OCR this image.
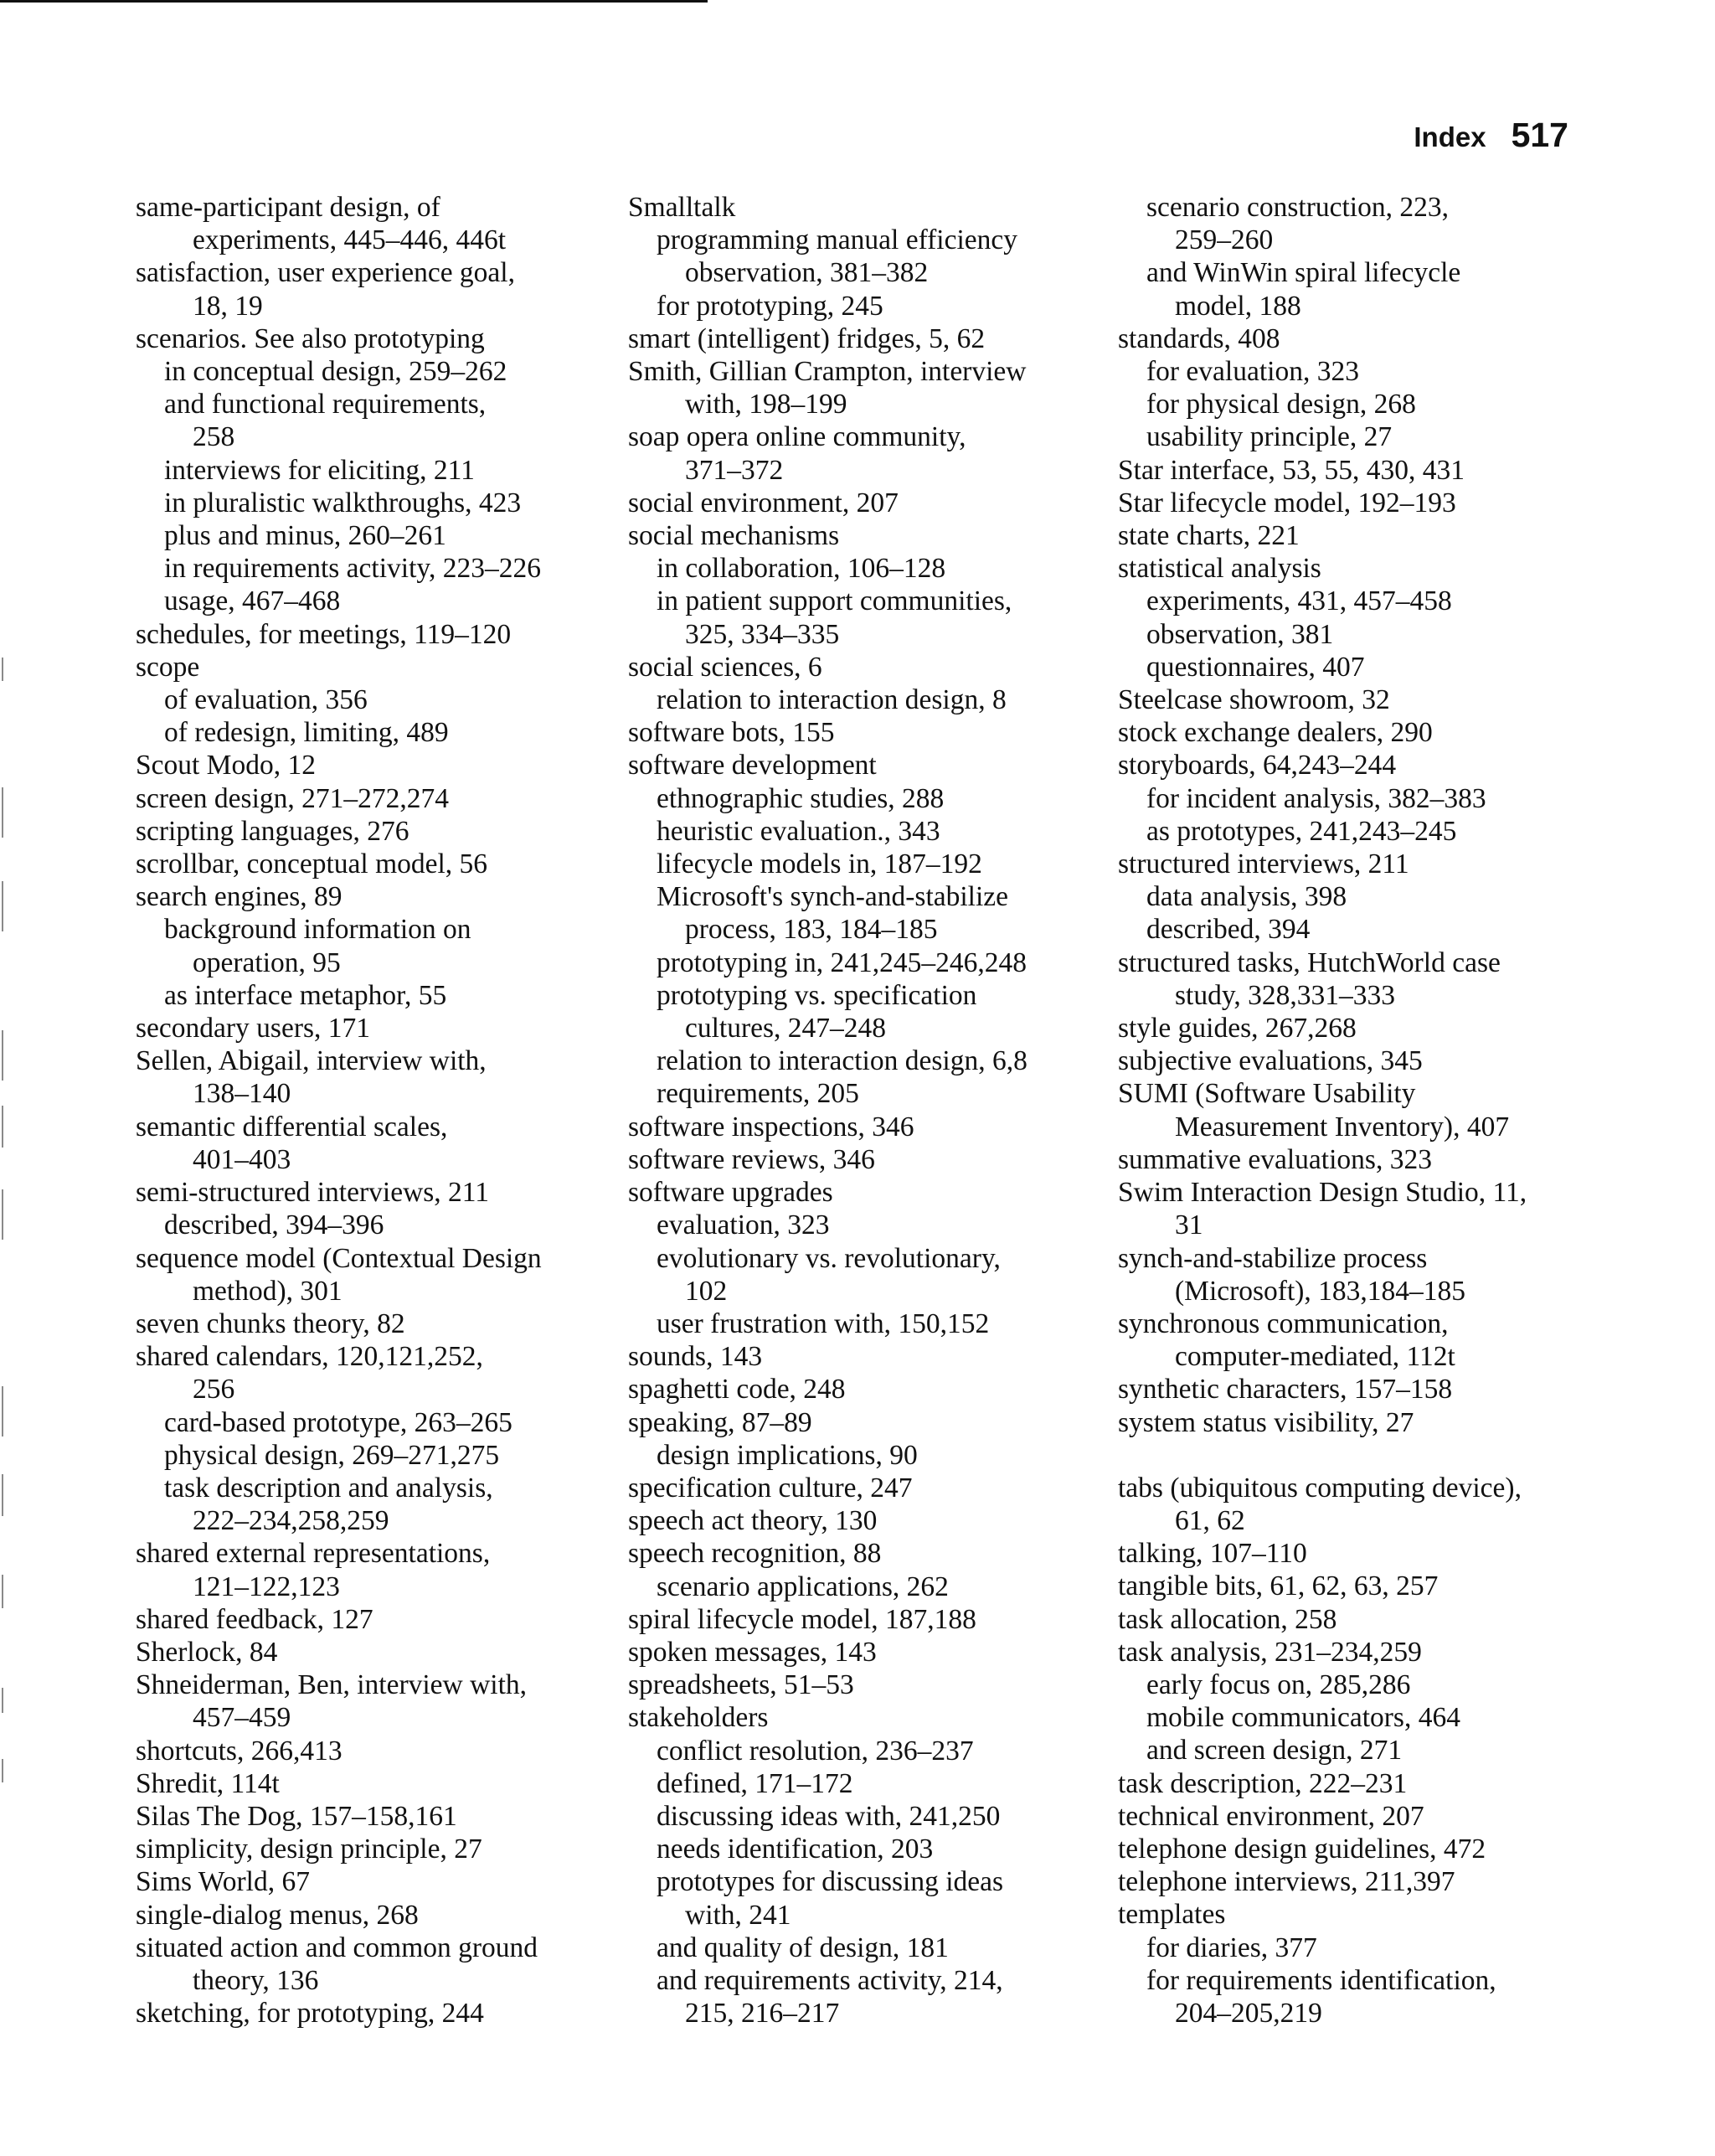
Index 517
same-participant design, of
experiments, 445–446, 446t
satisfaction, user experience goal,
18, 19
scenarios. See also prototyping
in conceptual design, 259–262
and functional requirements,
258
interviews for eliciting, 211
in pluralistic walkthroughs, 423
plus and minus, 260–261
in requirements activity, 223–226
usage, 467–468
schedules, for meetings, 119–120
scope
of evaluation, 356
of redesign, limiting, 489
Scout Modo, 12
screen design, 271–272,274
scripting languages, 276
scrollbar, conceptual model, 56
search engines, 89
background information on
operation, 95
as interface metaphor, 55
secondary users, 171
Sellen, Abigail, interview with,
138–140
semantic differential scales,
401–403
semi-structured interviews, 211
described, 394–396
sequence model (Contextual Design
method), 301
seven chunks theory, 82
shared calendars, 120,121,252,
256
card-based prototype, 263–265
physical design, 269–271,275
task description and analysis,
222–234,258,259
shared external representations,
121–122,123
shared feedback, 127
Sherlock, 84
Shneiderman, Ben, interview with,
457–459
shortcuts, 266,413
Shredit, 114t
Silas The Dog, 157–158,161
simplicity, design principle, 27
Sims World, 67
single-dialog menus, 268
situated action and common ground
theory, 136
sketching, for prototyping, 244
Smalltalk
programming manual efficiency
observation, 381–382
for prototyping, 245
smart (intelligent) fridges, 5, 62
Smith, Gillian Crampton, interview
with, 198–199
soap opera online community,
371–372
social environment, 207
social mechanisms
in collaboration, 106–128
in patient support communities,
325, 334–335
social sciences, 6
relation to interaction design, 8
software bots, 155
software development
ethnographic studies, 288
heuristic evaluation., 343
lifecycle models in, 187–192
Microsoft's synch-and-stabilize
process, 183, 184–185
prototyping in, 241,245–246,248
prototyping vs. specification
cultures, 247–248
relation to interaction design, 6,8
requirements, 205
software inspections, 346
software reviews, 346
software upgrades
evaluation, 323
evolutionary vs. revolutionary,
102
user frustration with, 150,152
sounds, 143
spaghetti code, 248
speaking, 87–89
design implications, 90
specification culture, 247
speech act theory, 130
speech recognition, 88
scenario applications, 262
spiral lifecycle model, 187,188
spoken messages, 143
spreadsheets, 51–53
stakeholders
conflict resolution, 236–237
defined, 171–172
discussing ideas with, 241,250
needs identification, 203
prototypes for discussing ideas
with, 241
and quality of design, 181
and requirements activity, 214,
215, 216–217
scenario construction, 223,
259–260
and WinWin spiral lifecycle
model, 188
standards, 408
for evaluation, 323
for physical design, 268
usability principle, 27
Star interface, 53, 55, 430, 431
Star lifecycle model, 192–193
state charts, 221
statistical analysis
experiments, 431, 457–458
observation, 381
questionnaires, 407
Steelcase showroom, 32
stock exchange dealers, 290
storyboards, 64,243–244
for incident analysis, 382–383
as prototypes, 241,243–245
structured interviews, 211
data analysis, 398
described, 394
structured tasks, HutchWorld case
study, 328,331–333
style guides, 267,268
subjective evaluations, 345
SUMI (Software Usability
Measurement Inventory), 407
summative evaluations, 323
Swim Interaction Design Studio, 11,
31
synch-and-stabilize process
(Microsoft), 183,184–185
synchronous communication,
computer-mediated, 112t
synthetic characters, 157–158
system status visibility, 27
tabs (ubiquitous computing device),
61, 62
talking, 107–110
tangible bits, 61, 62, 63, 257
task allocation, 258
task analysis, 231–234,259
early focus on, 285,286
mobile communicators, 464
and screen design, 271
task description, 222–231
technical environment, 207
telephone design guidelines, 472
telephone interviews, 211,397
templates
for diaries, 377
for requirements identification,
204–205,219
